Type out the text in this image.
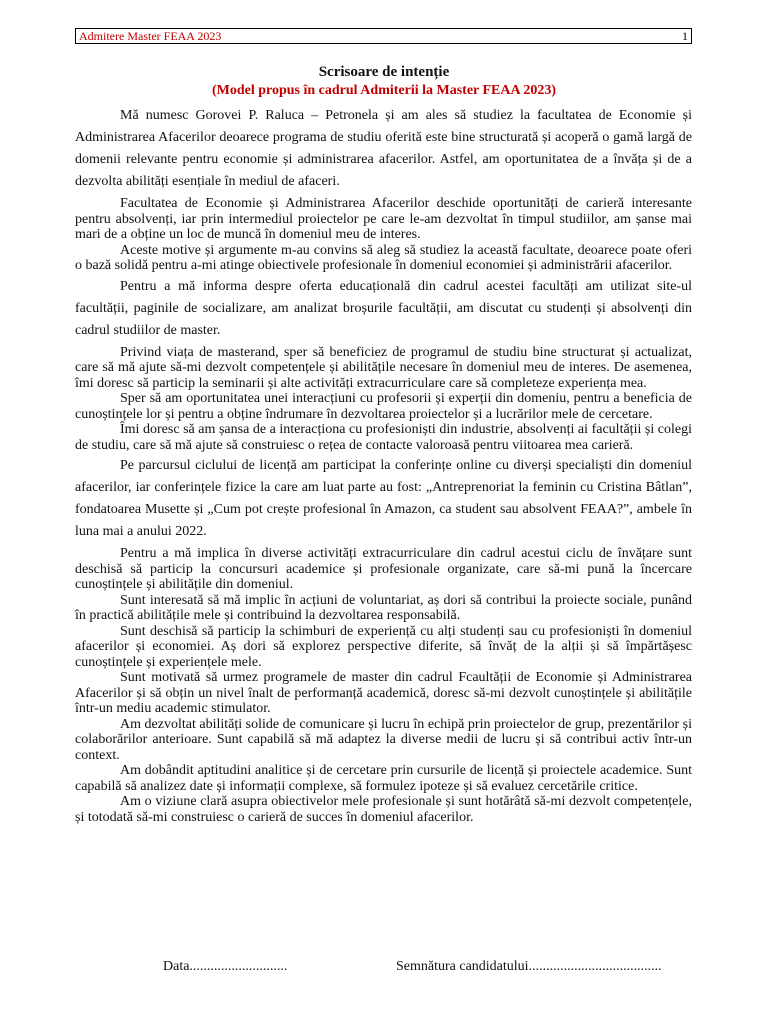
Admitere Master FEAA 2023	1
Scrisoare de intenție
(Model propus în cadrul Admiterii la Master FEAA 2023)

Mă numesc Gorovei P. Raluca – Petronela și am ales să studiez la facultatea de Economie și Administrarea Afacerilor deoarece programa de studiu oferită este bine structurată și acoperă o gamă largă de domenii relevante pentru economie și administrarea afacerilor. Astfel, am oportunitatea de a învăța și de a dezvolta abilități esențiale în mediul de afaceri.

Facultatea de Economie și Administrarea Afacerilor deschide oportunități de carieră interesante pentru absolvenți, iar prin intermediul proiectelor pe care le-am dezvoltat în timpul studiilor, am șanse mai mari de a obține un loc de muncă în domeniul meu de interes.

Aceste motive și argumente m-au convins să aleg să studiez la această facultate, deoarece poate oferi o bază solidă pentru a-mi atinge obiectivele profesionale în domeniul economiei și administrării afacerilor.

Pentru a mă informa despre oferta educațională din cadrul acestei facultăți am utilizat site-ul facultății, paginile de socializare, am analizat broșurile facultății, am discutat cu studenți și absolvenți din cadrul studiilor de master.

Privind viața de masterand, sper să beneficiez de programul de studiu bine structurat și actualizat, care să mă ajute să-mi dezvolt competențele și abilitățile necesare în domeniul meu de interes. De asemenea, îmi doresc să particip la seminarii și alte activități extracurriculare care să completeze experiența mea.

Sper să am oportunitatea unei interacțiuni cu profesorii și experții din domeniu, pentru a beneficia de cunoștințele lor și pentru a obține îndrumare în dezvoltarea proiectelor și a lucrărilor mele de cercetare.

Îmi doresc să am șansa de a interacționa cu profesioniști din industrie, absolvenți ai facultății și colegi de studiu, care să mă ajute să construiesc o rețea de contacte valoroasă pentru viitoarea mea carieră.

Pe parcursul ciclului de licență am participat la conferințe online cu diverși specialiști din domeniul afacerilor, iar conferințele fizice la care am luat parte au fost: „Antreprenoriat la feminin cu Cristina Bâtlan”, fondatoarea Musette și „Cum pot crește profesional în Amazon, ca student sau absolvent FEAA?”, ambele în luna mai a anului 2022.

Pentru a mă implica în diverse activități extracurriculare din cadrul acestui ciclu de învățare sunt deschisă să particip la concursuri academice și profesionale organizate, care să-mi pună la încercare cunoștințele și abilitățile din domeniul.

Sunt interesată să mă implic în acțiuni de voluntariat, aș dori să contribui la proiecte sociale, punând în practică abilitățile mele și contribuind la dezvoltarea responsabilă.

Sunt deschisă să particip la schimburi de experiență cu alți studenți sau cu profesioniști în domeniul afacerilor și economiei. Aș dori să explorez perspective diferite, să învăț de la alții și să împărtășesc cunoștințele și experiențele mele.

Sunt motivată să urmez programele de master din cadrul Fcaultății de Economie și Administrarea Afacerilor și să obțin un nivel înalt de performanță academică, doresc să-mi dezvolt cunoștințele și abilitățile într-un mediu academic stimulator.

Am dezvoltat abilități solide de comunicare și lucru în echipă prin proiectelor de grup, prezentărilor și colaborărilor anterioare. Sunt capabilă să mă adaptez la diverse medii de lucru și să contribui activ într-un context.

Am dobândit aptitudini analitice și de cercetare prin cursurile de licență și proiectele academice. Sunt capabilă să analizez date și informații complexe, să formulez ipoteze și să evaluez cercetările critice.

Am o viziune clară asupra obiectivelor mele profesionale și sunt hotărâtă să-mi dezvolt competențele, și totodată să-mi construiesc o carieră de succes în domeniul afacerilor.

Data............................	Semnătura candidatului......................................
